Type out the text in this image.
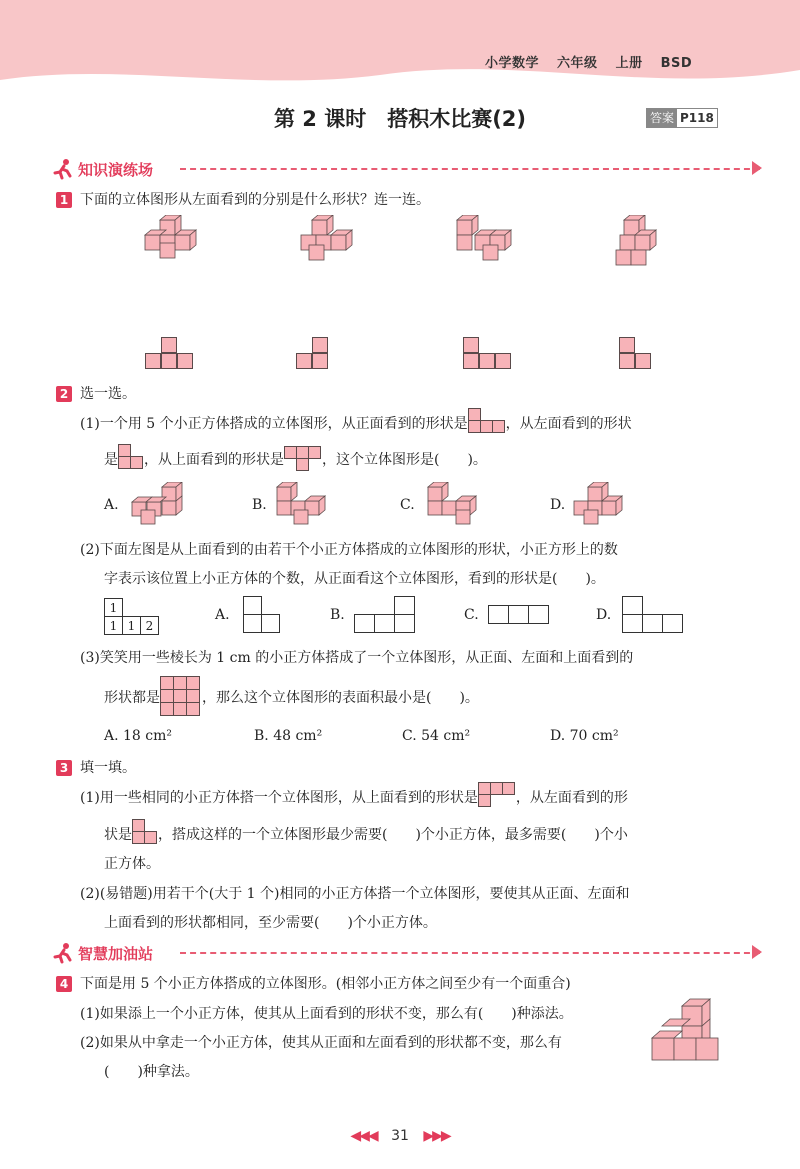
小学数学 六年级 上册 BSD
第 2 课时　搭积木比赛(2)	答案 P118
知识演练场
1 下面的立体图形从左面看到的分别是什么形状？连一连。
2 选一选。
(1)一个用 5 个小正方体搭成的立体图形，从正面看到的形状是	，从左面看到的形状
是 ，从上面看到的形状是	，这个立体图形是(　　)。
A.	B.	C.	D.
(2)下面左图是从上面看到的由若干个小正方体搭成的立体图形的形状，小正方形上的数
字表示该位置上小正方体的个数，从正面看这个立体图形，看到的形状是(　　)。
1
1 1 2
A.	B.	C.	D.
(3)笑笑用一些棱长为 1 cm 的小正方体搭成了一个立体图形，从正面、左面和上面看到的
形状都是	，那么这个立体图形的表面积最小是(　　)。
A. 18 cm²	B. 48 cm²	C. 54 cm²	D. 70 cm²
3 填一填。
(1)用一些相同的小正方体搭一个立体图形，从上面看到的形状是	，从左面看到的形
状是 ，搭成这样的一个立体图形最少需要(　　)个小正方体，最多需要(　　)个小
正方体。
(2)(易错题)用若干个(大于 1 个)相同的小正方体搭一个立体图形，要使其从正面、左面和
上面看到的形状都相同，至少需要(　　)个小正方体。
智慧加油站
4 下面是用 5 个小正方体搭成的立体图形。(相邻小正方体之间至少有一个面重合)
(1)如果添上一个小正方体，使其从上面看到的形状不变，那么有(　　)种添法。
(2)如果从中拿走一个小正方体，使其从正面和左面看到的形状都不变，那么有
(　　)种拿法。
◀◀◀ 31 ▶▶▶
